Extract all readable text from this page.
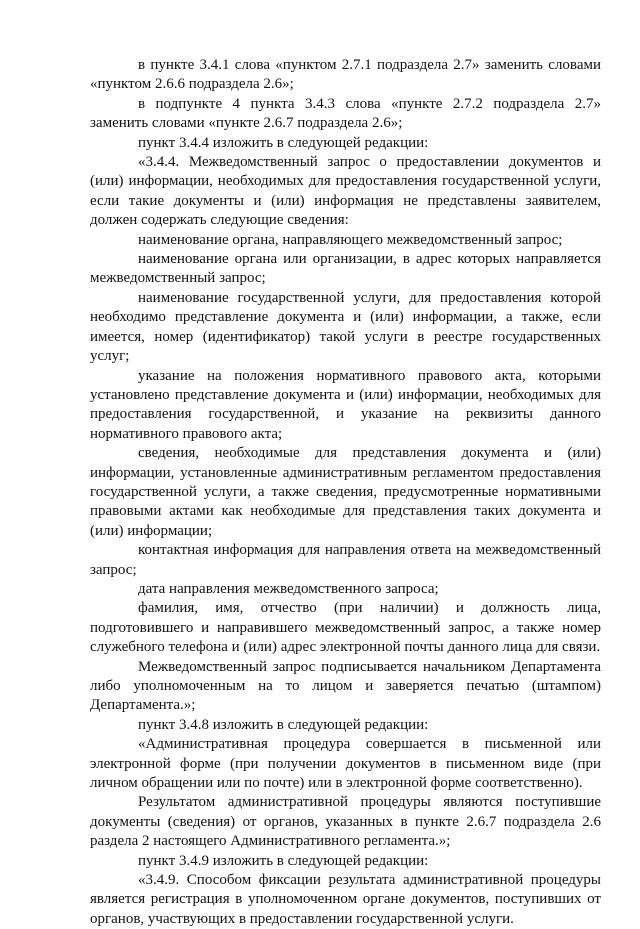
в пункте 3.4.1 слова «пунктом 2.7.1 подраздела 2.7» заменить словами «пунктом 2.6.6 подраздела 2.6»;

в подпункте 4 пункта 3.4.3 слова «пункте 2.7.2 подраздела 2.7» заменить словами «пункте 2.6.7 подраздела 2.6»;

пункт 3.4.4 изложить в следующей редакции:

«3.4.4. Межведомственный запрос о предоставлении документов и (или) информации, необходимых для предоставления государственной услуги, если такие документы и (или) информация не представлены заявителем, должен содержать следующие сведения:

наименование органа, направляющего межведомственный запрос;

наименование органа или организации, в адрес которых направляется межведомственный запрос;

наименование государственной услуги, для предоставления которой необходимо представление документа и (или) информации, а также, если имеется, номер (идентификатор) такой услуги в реестре государственных услуг;

указание на положения нормативного правового акта, которыми установлено представление документа и (или) информации, необходимых для предоставления государственной, и указание на реквизиты данного нормативного правового акта;

сведения, необходимые для представления документа и (или) информации, установленные административным регламентом предоставления государственной услуги, а также сведения, предусмотренные нормативными правовыми актами как необходимые для представления таких документа и (или) информации;

контактная информация для направления ответа на межведомственный запрос;

дата направления межведомственного запроса;

фамилия, имя, отчество (при наличии) и должность лица, подготовившего и направившего межведомственный запрос, а также номер служебного телефона и (или) адрес электронной почты данного лица для связи.

Межведомственный запрос подписывается начальником Департамента либо уполномоченным на то лицом и заверяется печатью (штампом) Департамента.»;

пункт 3.4.8 изложить в следующей редакции:

«Административная процедура совершается в письменной или электронной форме (при получении документов в письменном виде (при личном обращении или по почте) или в электронной форме соответственно).

Результатом административной процедуры являются поступившие документы (сведения) от органов, указанных в пункте 2.6.7 подраздела 2.6 раздела 2 настоящего Административного регламента.»;

пункт 3.4.9 изложить в следующей редакции:

«3.4.9. Способом фиксации результата административной процедуры является регистрация в уполномоченном органе документов, поступивших от органов, участвующих в предоставлении государственной услуги.
